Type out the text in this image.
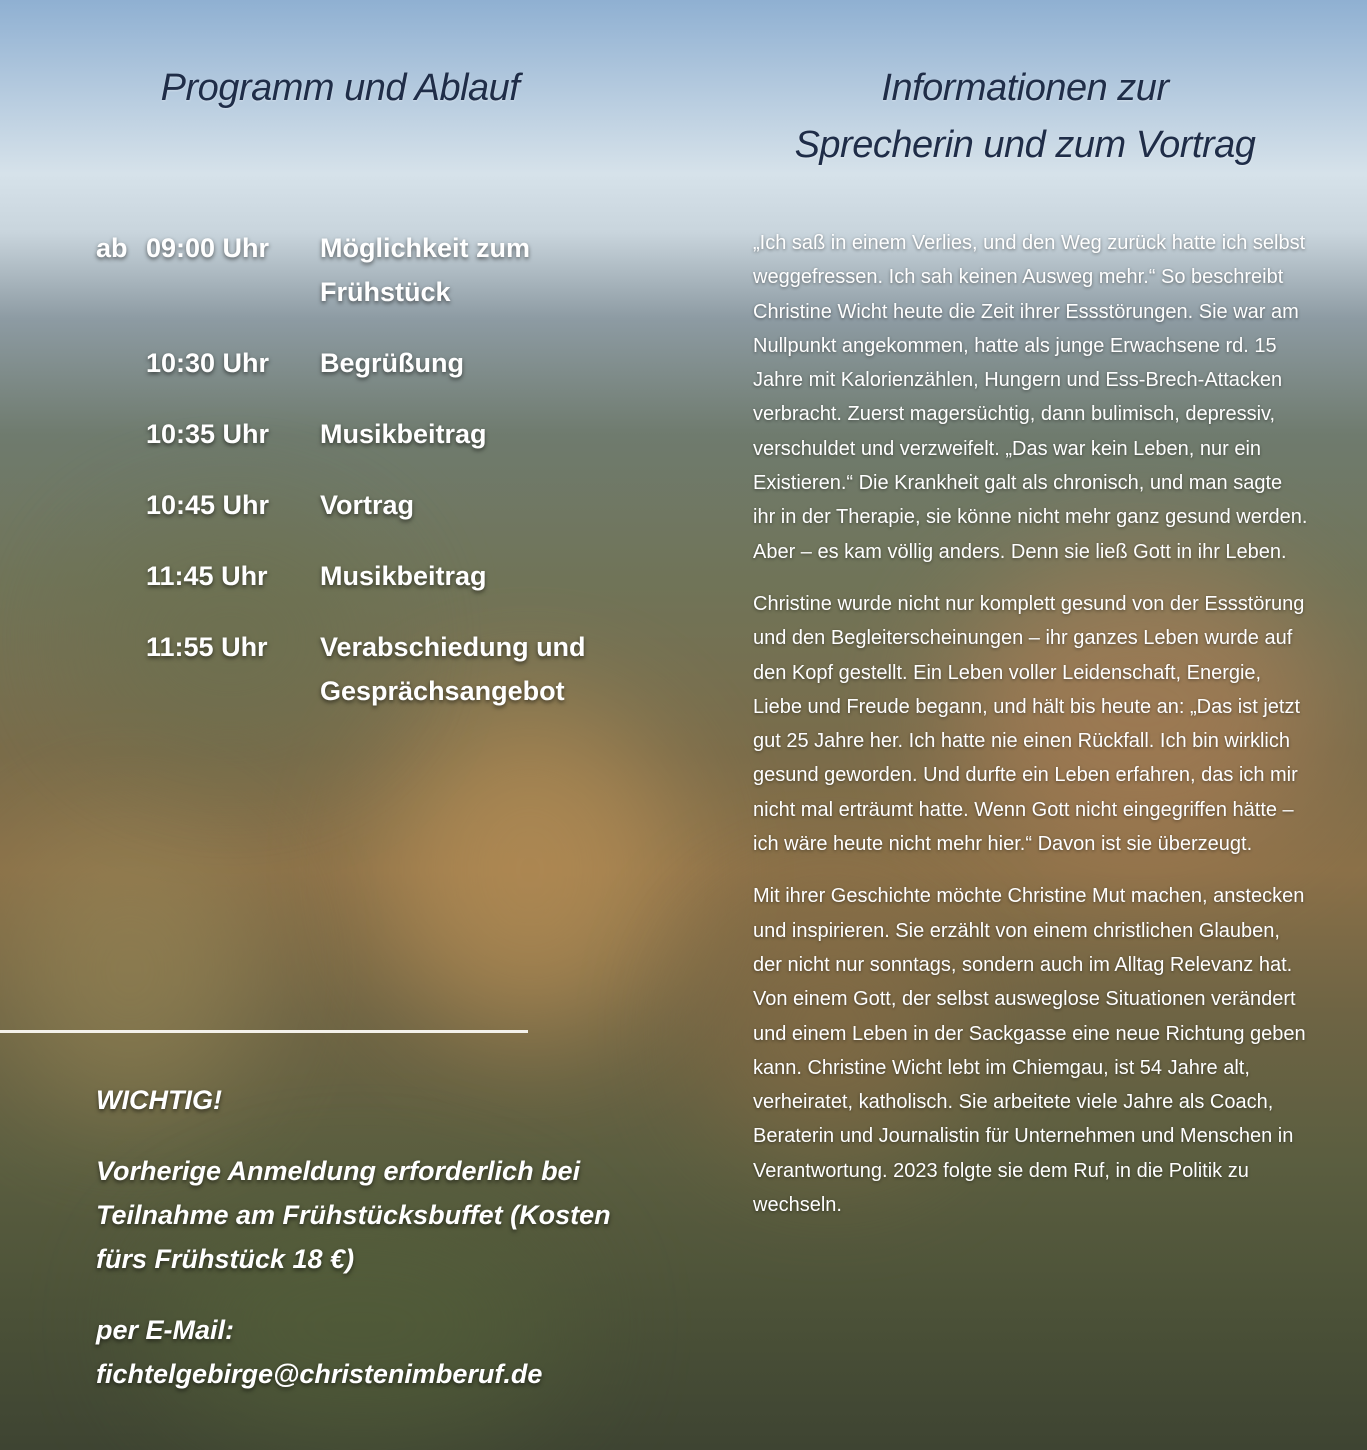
Programm und Ablauf	Informationen zur
Sprecherin und zum Vortrag
ab 09:00 Uhr Möglichkeit zum Frühstück
10:30 Uhr Begrüßung
10:35 Uhr Musikbeitrag
10:45 Uhr Vortrag
11:45 Uhr Musikbeitrag
11:55 Uhr Verabschiedung und Gesprächsangebot

WICHTIG!

Vorherige Anmeldung erforderlich bei Teilnahme am Frühstücksbuffet (Kosten fürs Frühstück 18 €)

per E-Mail:
fichtelgebirge@christenimberuf.de

„Ich saß in einem Verlies, und den Weg zurück hatte ich selbst weggefressen. Ich sah keinen Ausweg mehr.“ So beschreibt Christine Wicht heute die Zeit ihrer Essstörungen. Sie war am Nullpunkt angekommen, hatte als junge Erwachsene rd. 15 Jahre mit Kalorienzählen, Hungern und Ess-Brech-Attacken verbracht. Zuerst magersüchtig, dann bulimisch, depressiv, verschuldet und verzweifelt. „Das war kein Leben, nur ein Existieren.“ Die Krankheit galt als chronisch, und man sagte ihr in der Therapie, sie könne nicht mehr ganz gesund werden. Aber – es kam völlig anders. Denn sie ließ Gott in ihr Leben.

Christine wurde nicht nur komplett gesund von der Essstörung und den Begleiterscheinungen – ihr ganzes Leben wurde auf den Kopf gestellt. Ein Leben voller Leidenschaft, Energie, Liebe und Freude begann, und hält bis heute an: „Das ist jetzt gut 25 Jahre her. Ich hatte nie einen Rückfall. Ich bin wirklich gesund geworden. Und durfte ein Leben erfahren, das ich mir nicht mal erträumt hatte. Wenn Gott nicht eingegriffen hätte – ich wäre heute nicht mehr hier.“ Davon ist sie überzeugt.

Mit ihrer Geschichte möchte Christine Mut machen, anstecken und inspirieren. Sie erzählt von einem christlichen Glauben, der nicht nur sonntags, sondern auch im Alltag Relevanz hat. Von einem Gott, der selbst ausweglose Situationen verändert und einem Leben in der Sackgasse eine neue Richtung geben kann. Christine Wicht lebt im Chiemgau, ist 54 Jahre alt, verheiratet, katholisch. Sie arbeitete viele Jahre als Coach, Beraterin und Journalistin für Unternehmen und Menschen in Verantwortung. 2023 folgte sie dem Ruf, in die Politik zu wechseln.
